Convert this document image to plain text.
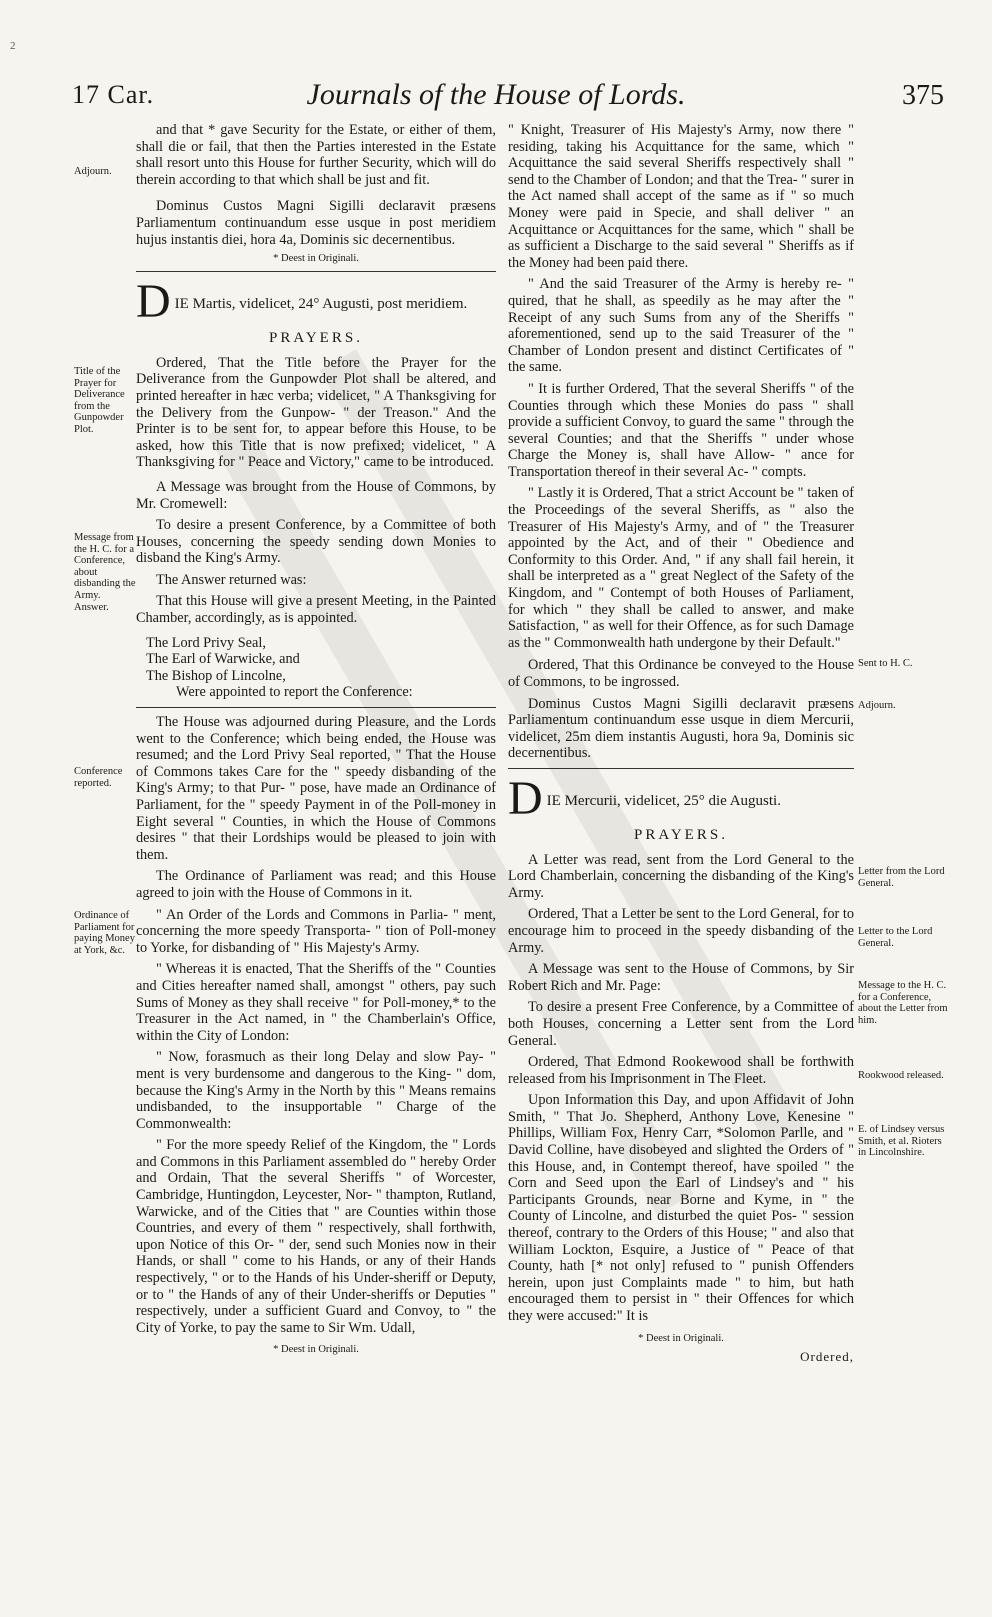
2
17 Car.	Journals of the House of Lords.	375

and that * gave Security for the Estate, or either of them, shall die or fail, that then the Parties interested in the Estate shall resort unto this House for further Security, which will do therein according to that which shall be just and fit.

Dominus Custos Magni Sigilli declaravit præsens Parliamentum continuandum esse usque in post meridiem hujus instantis diei, hora 4a, Dominis sic decernentibus.

* Deest in Originali.
D IE Martis, videlicet, 24° Augusti, post meridiem.
PRAYERS.

Ordered, That the Title before the Prayer for the Deliverance from the Gunpowder Plot shall be altered, and printed hereafter in hæc verba; videlicet, " A Thanksgiving for the Delivery from the Gunpow- " der Treason." And the Printer is to be sent for, to appear before this House, to be asked, how this Title that is now prefixed; videlicet, " A Thanksgiving for " Peace and Victory," came to be introduced.

A Message was brought from the House of Commons, by Mr. Cromewell:

To desire a present Conference, by a Committee of both Houses, concerning the speedy sending down Monies to disband the King's Army.

The Answer returned was:

That this House will give a present Meeting, in the Painted Chamber, accordingly, as is appointed.

The Lord Privy Seal,

The Earl of Warwicke, and

The Bishop of Lincolne,

Were appointed to report the Conference:

The House was adjourned during Pleasure, and the Lords went to the Conference; which being ended, the House was resumed; and the Lord Privy Seal reported, " That the House of Commons takes Care for the " speedy disbanding of the King's Army; to that Pur- " pose, have made an Ordinance of Parliament, for the " speedy Payment in of the Poll-money in Eight several " Counties, in which the House of Commons desires " that their Lordships would be pleased to join with them.

The Ordinance of Parliament was read; and this House agreed to join with the House of Commons in it.

" An Order of the Lords and Commons in Parlia- " ment, concerning the more speedy Transporta- " tion of Poll-money to Yorke, for disbanding of " His Majesty's Army.

" Whereas it is enacted, That the Sheriffs of the " Counties and Cities hereafter named shall, amongst " others, pay such Sums of Money as they shall receive " for Poll-money,* to the Treasurer in the Act named, in " the Chamberlain's Office, within the City of London:

" Now, forasmuch as their long Delay and slow Pay- " ment is very burdensome and dangerous to the King- " dom, because the King's Army in the North by this " Means remains undisbanded, to the insupportable " Charge of the Commonwealth:

" For the more speedy Relief of the Kingdom, the " Lords and Commons in this Parliament assembled do " hereby Order and Ordain, That the several Sheriffs " of Worcester, Cambridge, Huntingdon, Leycester, Nor- " thampton, Rutland, Warwicke, and of the Cities that " are Counties within those Countries, and every of them " respectively, shall forthwith, upon Notice of this Or- " der, send such Monies now in their Hands, or shall " come to his Hands, or any of their Hands respectively, " or to the Hands of his Under-sheriff or Deputy, or to " the Hands of any of their Under-sheriffs or Deputies " respectively, under a sufficient Guard and Convoy, to " the City of Yorke, to pay the same to Sir Wm. Udall,

* Deest in Originali.

" Knight, Treasurer of His Majesty's Army, now there " residing, taking his Acquittance for the same, which " Acquittance the said several Sheriffs respectively shall " send to the Chamber of London; and that the Trea- " surer in the Act named shall accept of the same as if " so much Money were paid in Specie, and shall deliver " an Acquittance or Acquittances for the same, which " shall be as sufficient a Discharge to the said several " Sheriffs as if the Money had been paid there.

" And the said Treasurer of the Army is hereby re- " quired, that he shall, as speedily as he may after the " Receipt of any such Sums from any of the Sheriffs " aforementioned, send up to the said Treasurer of the " Chamber of London present and distinct Certificates of " the same.

" It is further Ordered, That the several Sheriffs " of the Counties through which these Monies do pass " shall provide a sufficient Convoy, to guard the same " through the several Counties; and that the Sheriffs " under whose Charge the Money is, shall have Allow- " ance for Transportation thereof in their several Ac- " compts.

" Lastly it is Ordered, That a strict Account be " taken of the Proceedings of the several Sheriffs, as " also the Treasurer of His Majesty's Army, and of " the Treasurer appointed by the Act, and of their " Obedience and Conformity to this Order. And, " if any shall fail herein, it shall be interpreted as a " great Neglect of the Safety of the Kingdom, and " Contempt of both Houses of Parliament, for which " they shall be called to answer, and make Satisfaction, " as well for their Offence, as for such Damage as the " Commonwealth hath undergone by their Default."

Ordered, That this Ordinance be conveyed to the House of Commons, to be ingrossed.

Dominus Custos Magni Sigilli declaravit præsens Parliamentum continuandum esse usque in diem Mercurii, videlicet, 25m diem instantis Augusti, hora 9a, Dominis sic decernentibus.

D IE Mercurii, videlicet, 25° die Augusti.
PRAYERS.

A Letter was read, sent from the Lord General to the Lord Chamberlain, concerning the disbanding of the King's Army.

Ordered, That a Letter be sent to the Lord General, for to encourage him to proceed in the speedy disbanding of the Army.

A Message was sent to the House of Commons, by Sir Robert Rich and Mr. Page:

To desire a present Free Conference, by a Committee of both Houses, concerning a Letter sent from the Lord General.

Ordered, That Edmond Rookewood shall be forthwith released from his Imprisonment in The Fleet.

Upon Information this Day, and upon Affidavit of John Smith, " That Jo. Shepherd, Anthony Love, Kenesine " Phillips, William Fox, Henry Carr, *Solomon Parlle, and " David Colline, have disobeyed and slighted the Orders of " this House, and, in Contempt thereof, have spoiled " the Corn and Seed upon the Earl of Lindsey's and " his Participants Grounds, near Borne and Kyme, in " the County of Lincolne, and disturbed the quiet Pos- " session thereof, contrary to the Orders of this House; " and also that William Lockton, Esquire, a Justice of " Peace of that County, hath [* not only] refused to " punish Offenders herein, upon just Complaints made " to him, but hath encouraged them to persist in " their Offences for which they were accused:" It is

* Deest in Originali.
Ordered,
Adjourn.
Title of the Prayer for Deliverance from the Gunpowder Plot.
Message from the H. C. for a Conference, about disbanding the Army.
Answer.
Conference reported.
Ordinance of Parliament for paying Money at York, &c.
Sent to H. C.
Adjourn.
Letter from the Lord General.
Letter to the Lord General.
Message to the H. C. for a Conference, about the Letter from him.
Rookwood released.
E. of Lindsey versus Smith, et al. Rioters in Lincolnshire.
